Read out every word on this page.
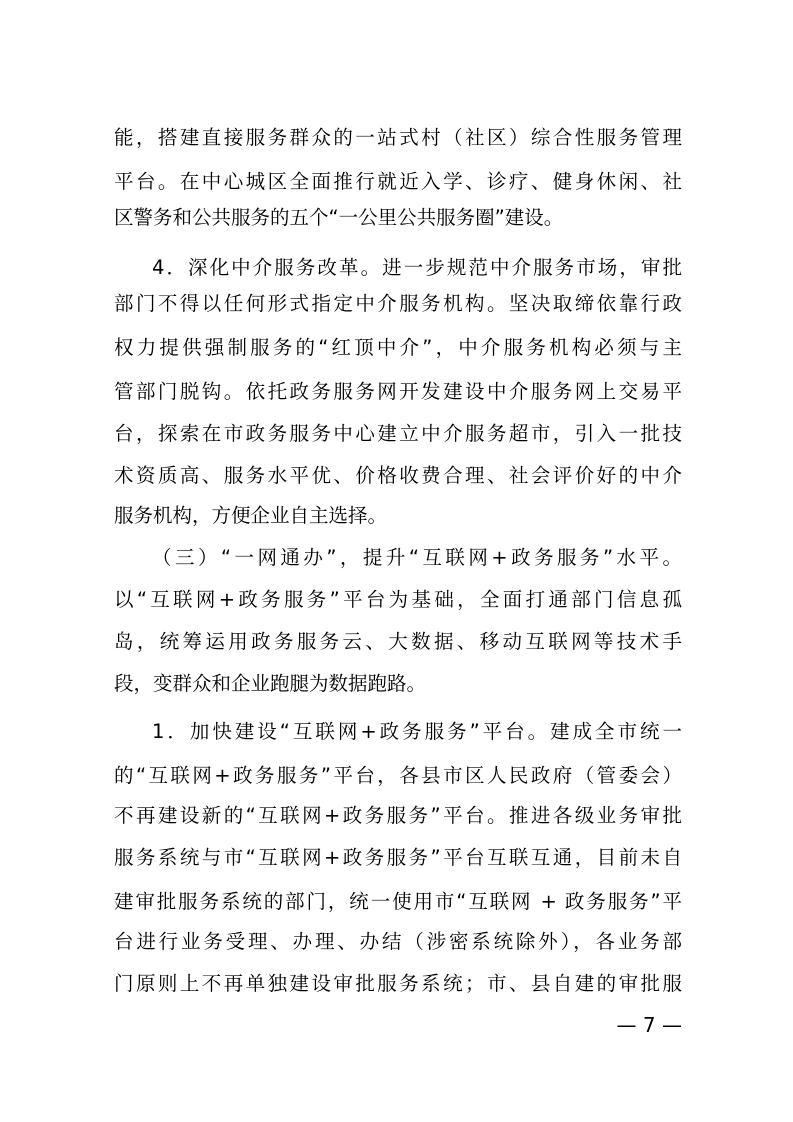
能，搭建直接服务群众的一站式村（社区）综合性服务管理
平台。在中心城区全面推行就近入学、诊疗、健身休闲、社
区警务和公共服务的五个“一公里公共服务圈”建设。
4．深化中介服务改革。进一步规范中介服务市场，审批
部门不得以任何形式指定中介服务机构。坚决取缔依靠行政
权力提供强制服务的“红顶中介”，中介服务机构必须与主
管部门脱钩。依托政务服务网开发建设中介服务网上交易平
台，探索在市政务服务中心建立中介服务超市，引入一批技
术资质高、服务水平优、价格收费合理、社会评价好的中介
服务机构，方便企业自主选择。
（三）“一网通办”，提升“互联网+政务服务”水平。
以“互联网+政务服务”平台为基础，全面打通部门信息孤
岛，统筹运用政务服务云、大数据、移动互联网等技术手
段，变群众和企业跑腿为数据跑路。
1．加快建设“互联网+政务服务”平台。建成全市统一
的“互联网+政务服务”平台，各县市区人民政府（管委会）
不再建设新的“互联网+政务服务”平台。推进各级业务审批
服务系统与市“互联网+政务服务”平台互联互通，目前未自
建审批服务系统的部门，统一使用市“互联网 + 政务服务”平
台进行业务受理、办理、办结（涉密系统除外），各业务部
门原则上不再单独建设审批服务系统；市、县自建的审批服
— 7 —
